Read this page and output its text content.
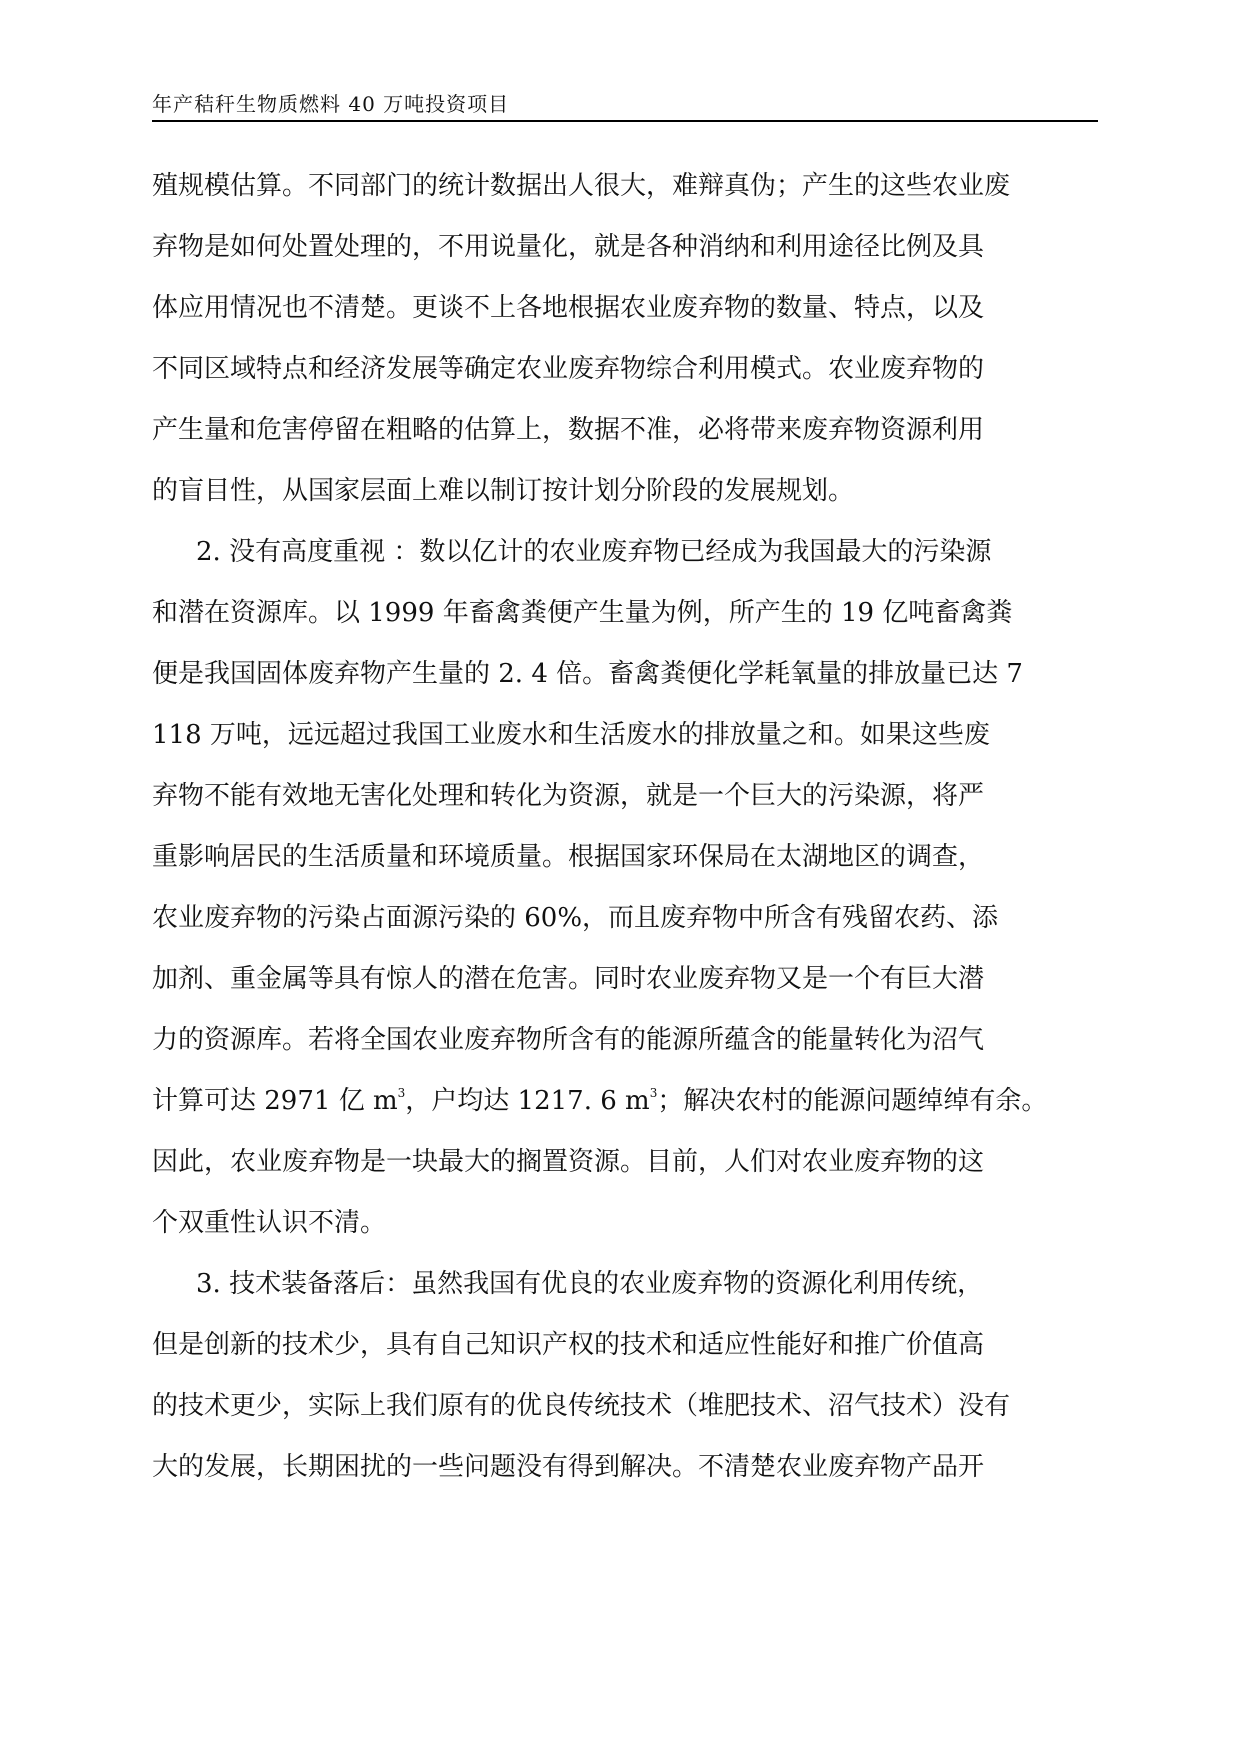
年产秸秆生物质燃料 40 万吨投资项目
殖规模估算。不同部门的统计数据出人很大，难辩真伪；产生的这些农业废
弃物是如何处置处理的，不用说量化，就是各种消纳和利用途径比例及具
体应用情况也不清楚。更谈不上各地根据农业废弃物的数量、特点，以及
不同区域特点和经济发展等确定农业废弃物综合利用模式。农业废弃物的
产生量和危害停留在粗略的估算上，数据不准，必将带来废弃物资源利用
的盲目性，从国家层面上难以制订按计划分阶段的发展规划。
2. 没有高度重视 ：数以亿计的农业废弃物已经成为我国最大的污染源
和潜在资源库。以 1999 年畜禽粪便产生量为例，所产生的 19 亿吨畜禽粪
便是我国固体废弃物产生量的 2. 4 倍。畜禽粪便化学耗氧量的排放量已达 7
118 万吨，远远超过我国工业废水和生活废水的排放量之和。如果这些废
弃物不能有效地无害化处理和转化为资源，就是一个巨大的污染源，将严
重影响居民的生活质量和环境质量。根据国家环保局在太湖地区的调查，
农业废弃物的污染占面源污染的 60%，而且废弃物中所含有残留农药、添
加剂、重金属等具有惊人的潜在危害。同时农业废弃物又是一个有巨大潜
力的资源库。若将全国农业废弃物所含有的能源所蕴含的能量转化为沼气
计算可达 2971 亿 $m^3$，户均达 1217. 6 $m^3$；解决农村的能源问题绰绰有余。
因此，农业废弃物是一块最大的搁置资源。目前，人们对农业废弃物的这
个双重性认识不清。
3. 技术装备落后：虽然我国有优良的农业废弃物的资源化利用传统，
但是创新的技术少，具有自己知识产权的技术和适应性能好和推广价值高
的技术更少，实际上我们原有的优良传统技术（堆肥技术、沼气技术）没有
大的发展，长期困扰的一些问题没有得到解决。不清楚农业废弃物产品开
